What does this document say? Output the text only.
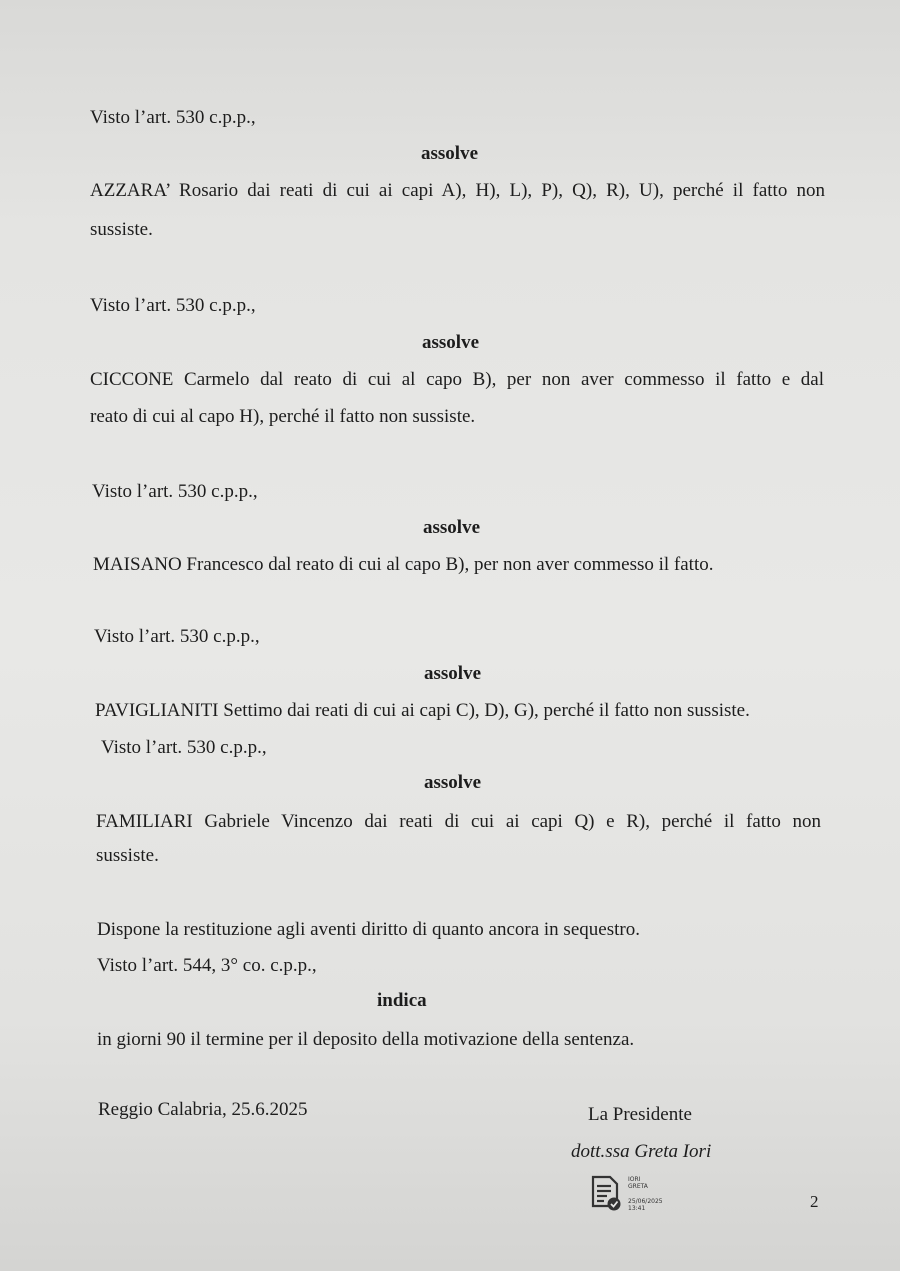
Visto l’art. 530 c.p.p.,
assolve
AZZARA’ Rosario dai reati di cui ai capi A), H), L), P), Q), R), U), perché il fatto non
sussiste.
Visto l’art. 530 c.p.p.,
assolve
CICCONE Carmelo dal reato di cui al capo B), per non aver commesso il fatto e dal
reato di cui al capo H), perché il fatto non sussiste.
Visto l’art. 530 c.p.p.,
assolve
MAISANO Francesco dal reato di cui al capo B), per non aver commesso il fatto.
Visto l’art. 530 c.p.p.,
assolve
PAVIGLIANITI Settimo dai reati di cui ai capi C), D), G), perché il fatto non sussiste.
Visto l’art. 530 c.p.p.,
assolve
FAMILIARI Gabriele Vincenzo dai reati di cui ai capi Q) e R), perché il fatto non
sussiste.
Dispone la restituzione agli aventi diritto di quanto ancora in sequestro.
Visto l’art. 544, 3° co. c.p.p.,
indica
in giorni 90 il termine per il deposito della motivazione della sentenza.
Reggio Calabria, 25.6.2025	La Presidente
dott.ssa Greta Iori
IORI
GRETA
25/06/2025
13:41	2
